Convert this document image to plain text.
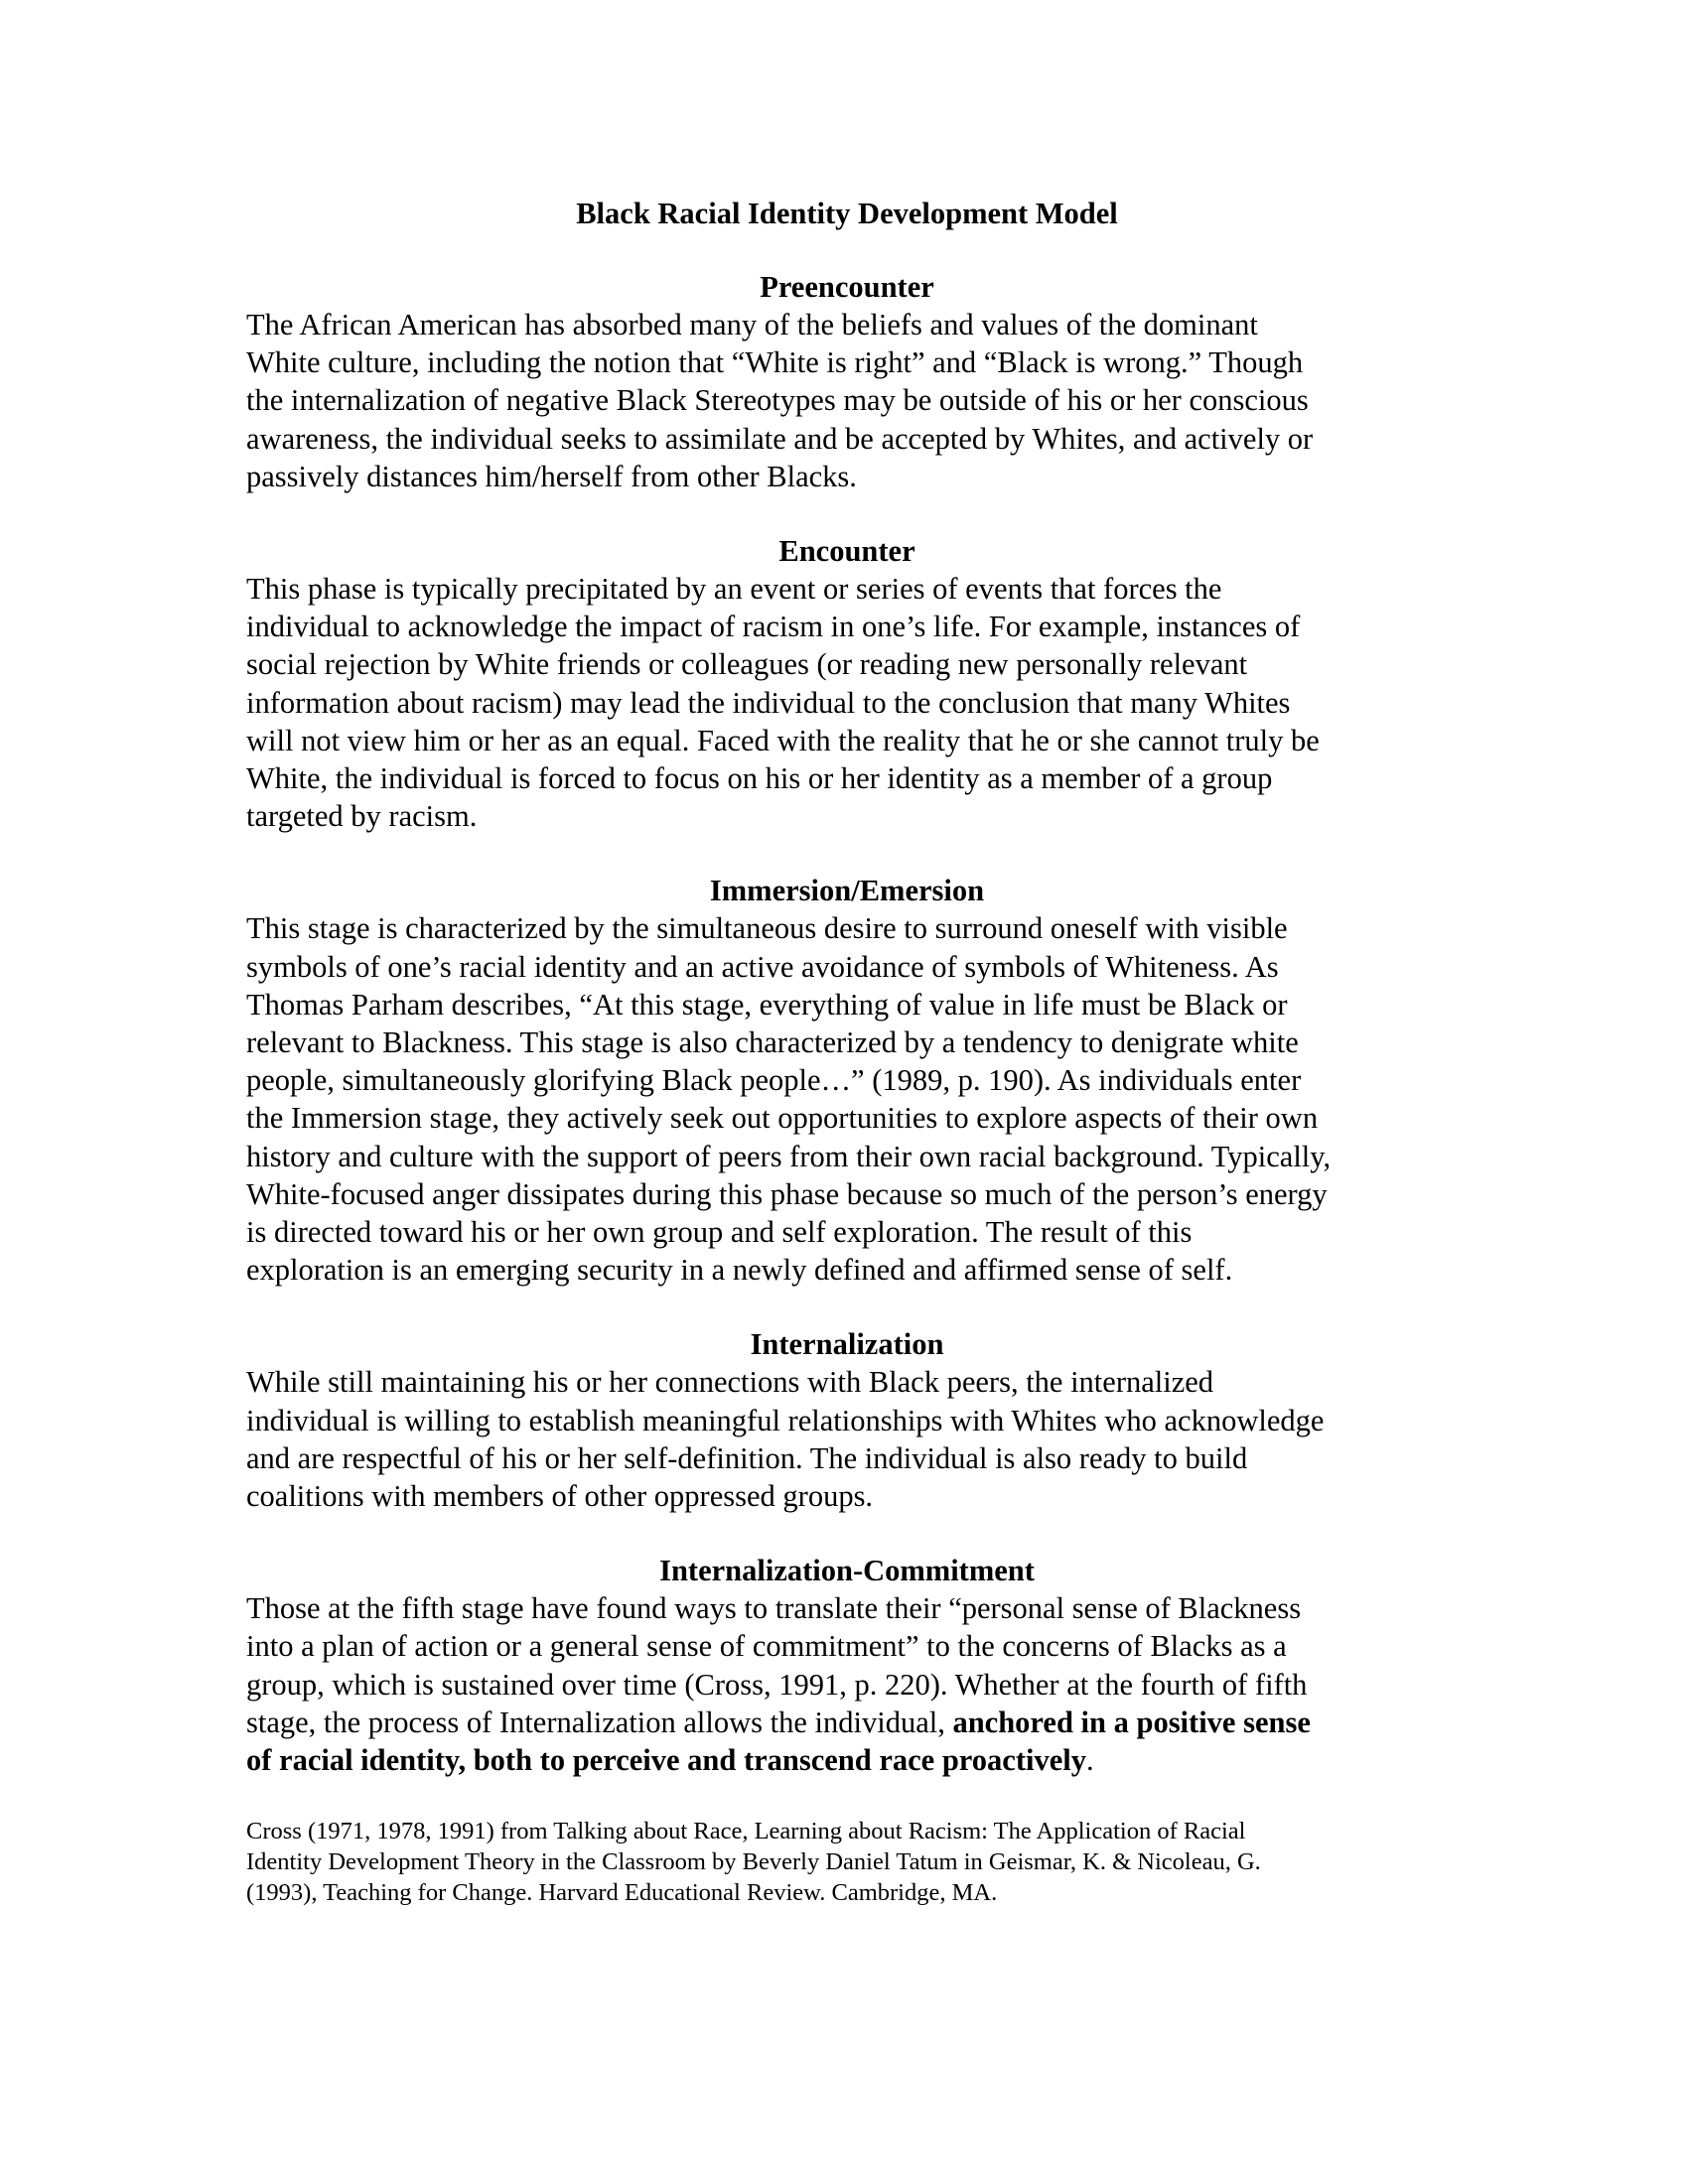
Black Racial Identity Development Model
Preencounter

The African American has absorbed many of the beliefs and values of the dominant
White culture, including the notion that “White is right” and “Black is wrong.” Though
the internalization of negative Black Stereotypes may be outside of his or her conscious
awareness, the individual seeks to assimilate and be accepted by Whites, and actively or
passively distances him/herself from other Blacks.

Encounter

This phase is typically precipitated by an event or series of events that forces the
individual to acknowledge the impact of racism in one’s life. For example, instances of
social rejection by White friends or colleagues (or reading new personally relevant
information about racism) may lead the individual to the conclusion that many Whites
will not view him or her as an equal. Faced with the reality that he or she cannot truly be
White, the individual is forced to focus on his or her identity as a member of a group
targeted by racism.

Immersion/Emersion

This stage is characterized by the simultaneous desire to surround oneself with visible
symbols of one’s racial identity and an active avoidance of symbols of Whiteness. As
Thomas Parham describes, “At this stage, everything of value in life must be Black or
relevant to Blackness. This stage is also characterized by a tendency to denigrate white
people, simultaneously glorifying Black people…” (1989, p. 190). As individuals enter
the Immersion stage, they actively seek out opportunities to explore aspects of their own
history and culture with the support of peers from their own racial background. Typically,
White-focused anger dissipates during this phase because so much of the person’s energy
is directed toward his or her own group and self exploration. The result of this
exploration is an emerging security in a newly defined and affirmed sense of self.

Internalization

While still maintaining his or her connections with Black peers, the internalized
individual is willing to establish meaningful relationships with Whites who acknowledge
and are respectful of his or her self-definition. The individual is also ready to build
coalitions with members of other oppressed groups.

Internalization-Commitment

Those at the fifth stage have found ways to translate their “personal sense of Blackness
into a plan of action or a general sense of commitment” to the concerns of Blacks as a
group, which is sustained over time (Cross, 1991, p. 220). Whether at the fourth of fifth
stage, the process of Internalization allows the individual, anchored in a positive sense
of racial identity, both to perceive and transcend race proactively.

Cross (1971, 1978, 1991) from Talking about Race, Learning about Racism: The Application of Racial
Identity Development Theory in the Classroom by Beverly Daniel Tatum in Geismar, K. & Nicoleau, G.
(1993), Teaching for Change. Harvard Educational Review. Cambridge, MA.
